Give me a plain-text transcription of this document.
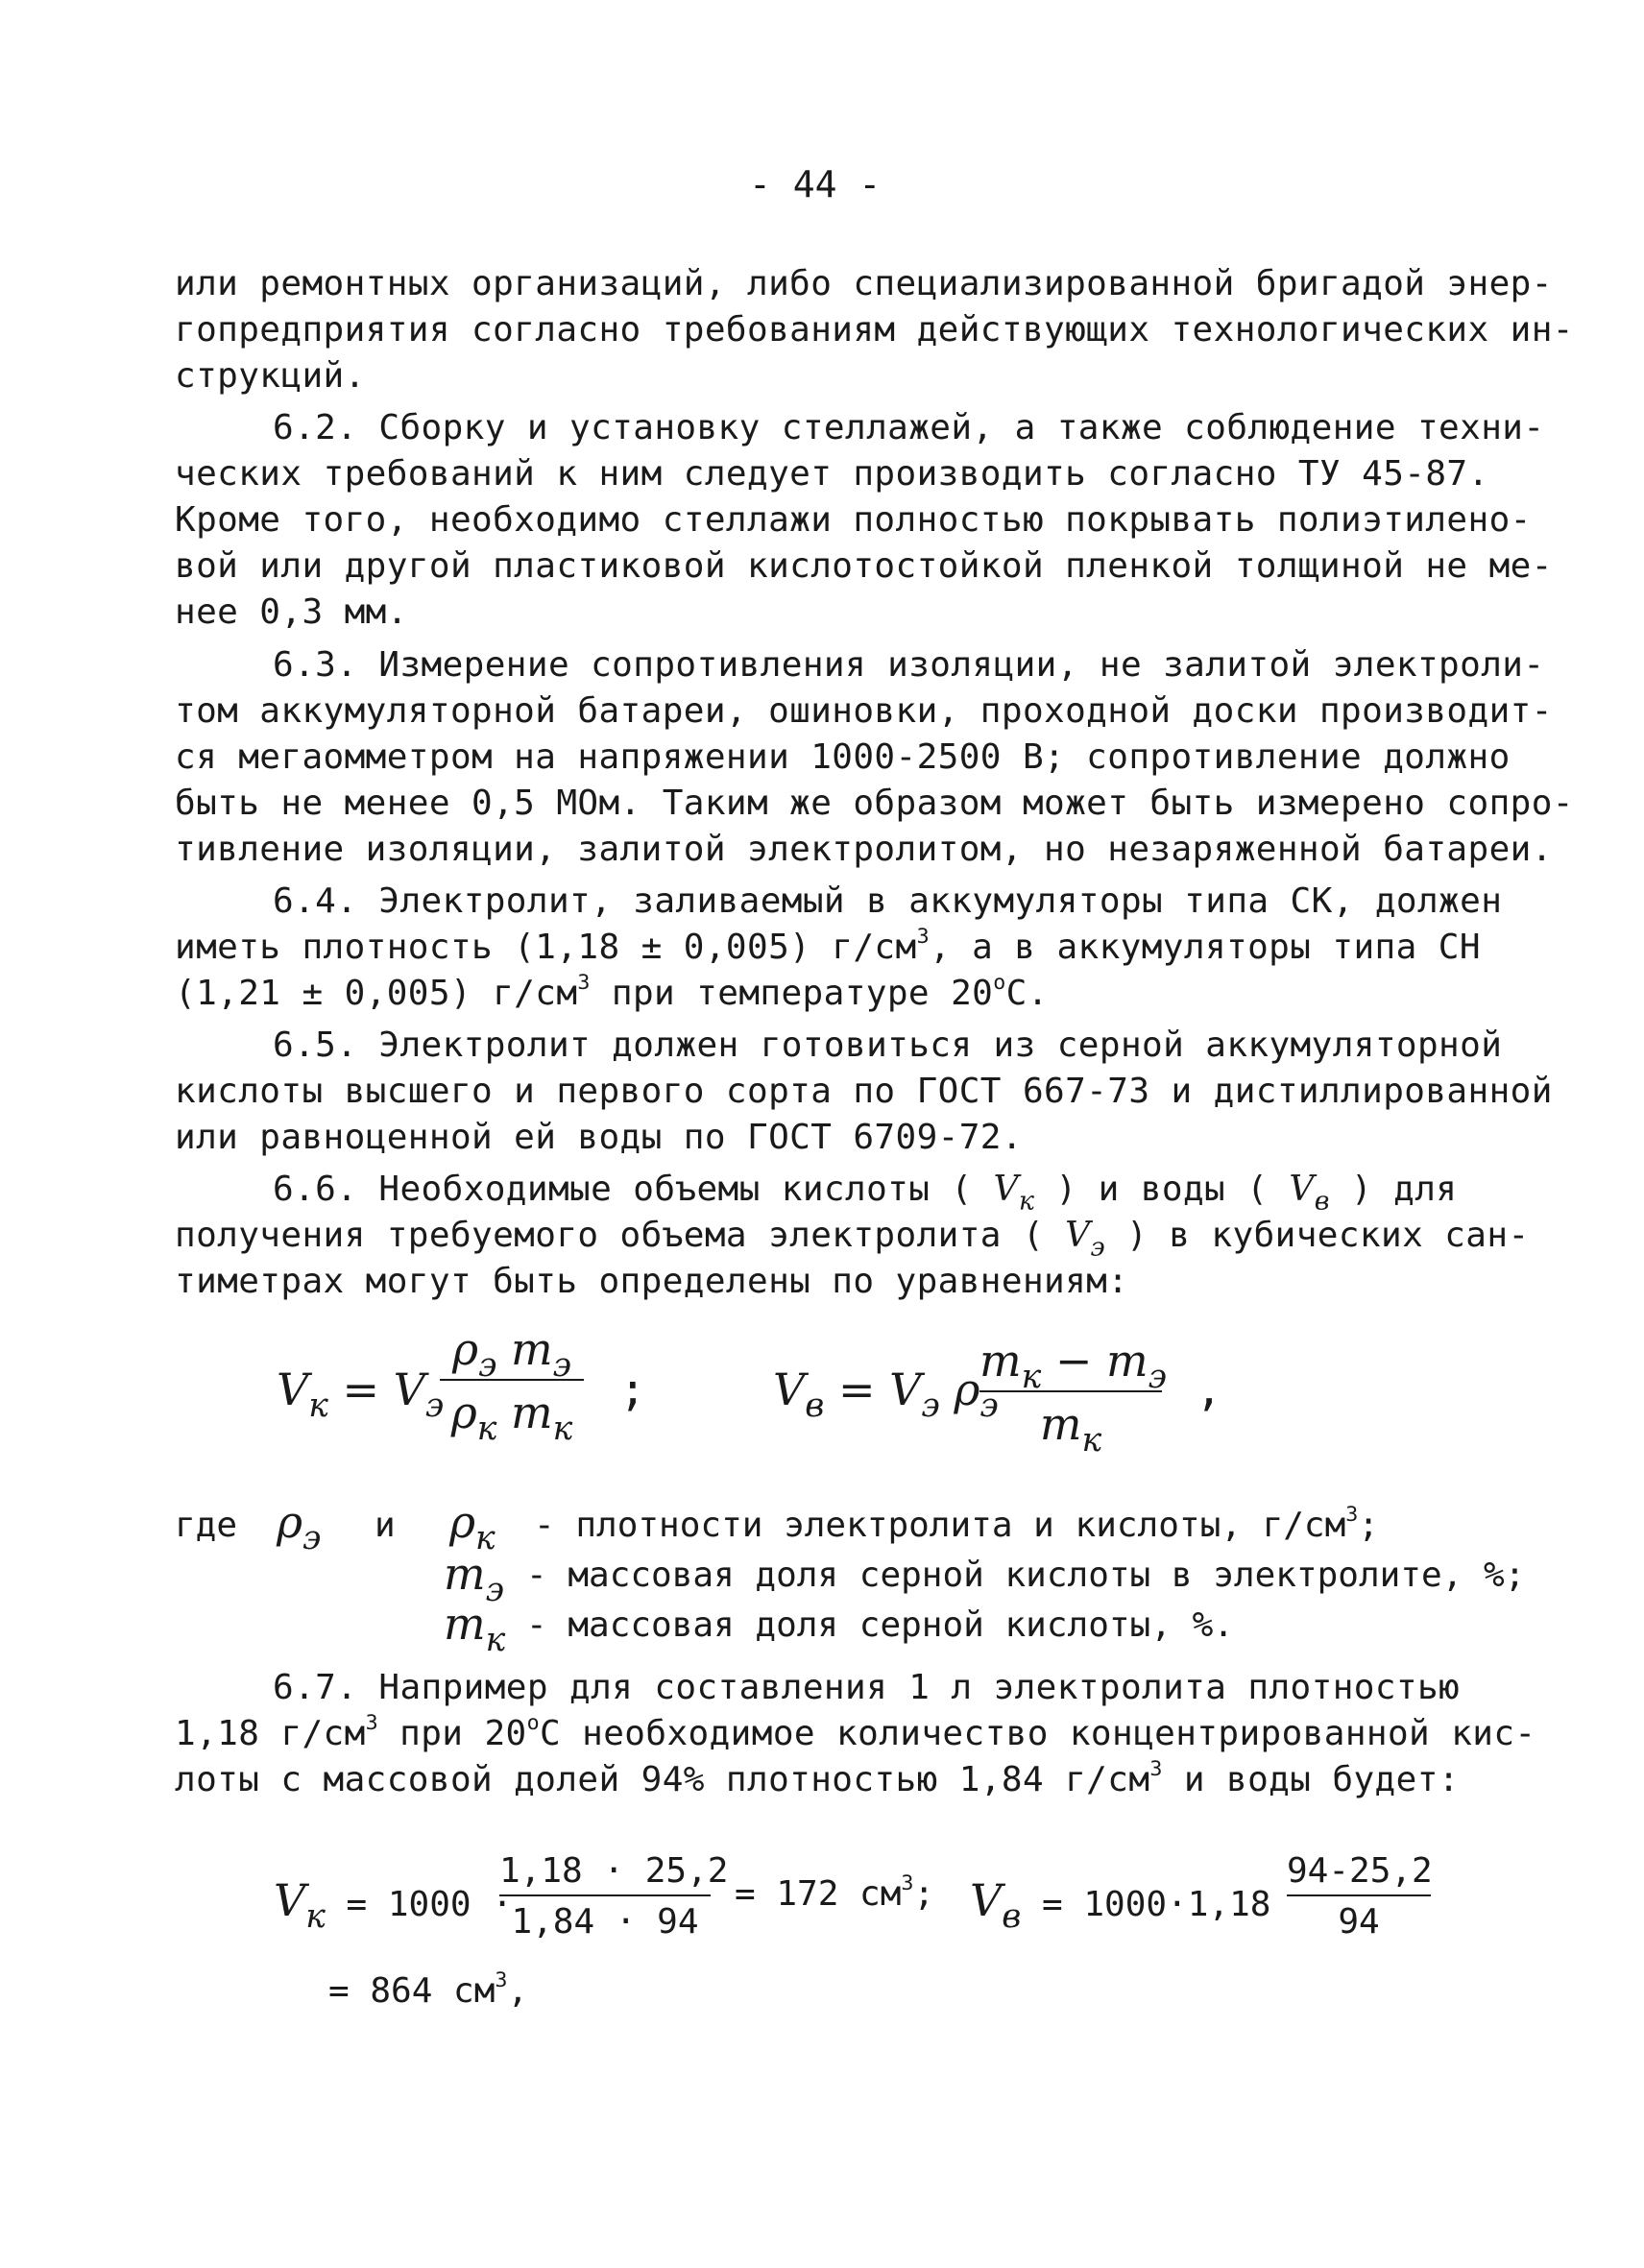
- 44 -
или ремонтных организаций, либо специализированной бригадой энер-
гопредприятия согласно требованиям действующих технологических ин-
струкций.
6.2. Сборку и установку стеллажей, а также соблюдение техни-
ческих требований к ним следует производить согласно ТУ 45-87.
Кроме того, необходимо стеллажи полностью покрывать полиэтилено-
вой или другой пластиковой кислотостойкой пленкой толщиной не ме-
нее 0,3 мм.
6.3. Измерение сопротивления изоляции, не залитой электроли-
том аккумуляторной батареи, ошиновки, проходной доски производит-
ся мегаомметром на напряжении 1000-2500 В; сопротивление должно
быть не менее 0,5 МОм. Таким же образом может быть измерено сопро-
тивление изоляции, залитой электролитом, но незаряженной батареи.
6.4. Электролит, заливаемый в аккумуляторы типа СК, должен
иметь плотность (1,18 ± 0,005) $г/см^3$, а в аккумуляторы типа СН
(1,21 ± 0,005) $г/см^3$ при температуре 20$^o$С.
6.5. Электролит должен готовиться из серной аккумуляторной
кислоты высшего и первого сорта по ГОСТ 667-73 и дистиллированной
или равноценной ей воды по ГОСТ 6709-72.
6.6. Необходимые объемы кислоты ( $V_к$ ) и воды ( $V_в$ ) для
получения требуемого объема электролита ( $V_э$ ) в кубических сан-
тиметрах могут быть определены по уравнениям:
$V_к = V_э$
$\rho_э$ $m_э$
$\rho_к$ $m_к$
;	$V_в = V_э$ $\rho_э$
$m_к - m_э$
$m_к$
,
где $\rho_э$ и $\rho_к$ - плотности электролита и кислоты, $г/см^3$;
$m_э$ - массовая доля серной кислоты в электролите, %;
$m_к$ - массовая доля серной кислоты, %.
6.7. Например для составления 1 л электролита плотностью
1,18 $г/см^3$ при 20$^o$С необходимое количество концентрированной кис-
лоты с массовой долей 94% плотностью 1,84 $г/см^3$ и воды будет:
$V_к = 1000$ ·
1,18 · 25,2
1,84 · 94
= 172 $см^3$; $V_в = 1000\cdot 1,18$
94-25,2
94
= 864 $см^3$,
